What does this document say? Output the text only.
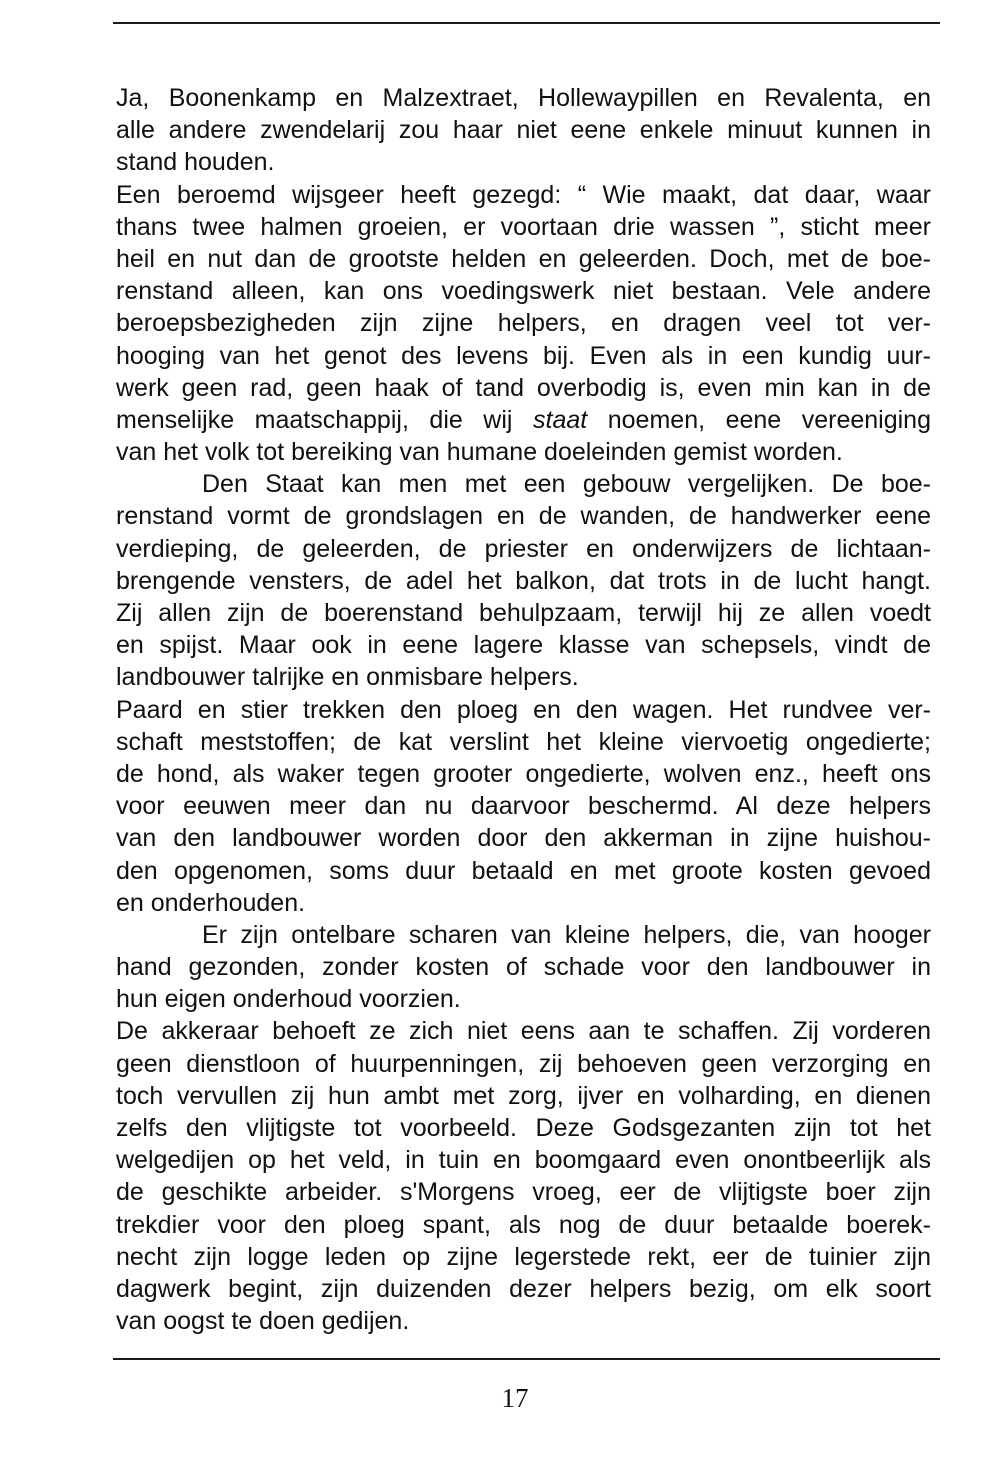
Ja, Boonenkamp en Malzextraet, Hollewaypillen en Revalenta, en
alle andere zwendelarij zou haar niet eene enkele minuut kunnen in
stand houden.
Een beroemd wijsgeer heeft gezegd: “ Wie maakt, dat daar, waar
thans twee halmen groeien, er voortaan drie wassen ”, sticht meer
heil en nut dan de grootste helden en geleerden. Doch, met de boe-
renstand alleen, kan ons voedingswerk niet bestaan. Vele andere
beroepsbezigheden zijn zijne helpers, en dragen veel tot ver-
hooging van het genot des levens bij. Even als in een kundig uur-
werk geen rad, geen haak of tand overbodig is, even min kan in de
menselijke maatschappij, die wij staat noemen, eene vereeniging
van het volk tot bereiking van humane doeleinden gemist worden.
Den Staat kan men met een gebouw vergelijken. De boe-
renstand vormt de grondslagen en de wanden, de handwerker eene
verdieping, de geleerden, de priester en onderwijzers de lichtaan-
brengende vensters, de adel het balkon, dat trots in de lucht hangt.
Zij allen zijn de boerenstand behulpzaam, terwijl hij ze allen voedt
en spijst. Maar ook in eene lagere klasse van schepsels, vindt de
landbouwer talrijke en onmisbare helpers.
Paard en stier trekken den ploeg en den wagen. Het rundvee ver-
schaft meststoffen; de kat verslint het kleine viervoetig ongedierte;
de hond, als waker tegen grooter ongedierte, wolven enz., heeft ons
voor eeuwen meer dan nu daarvoor beschermd. Al deze helpers
van den landbouwer worden door den akkerman in zijne huishou-
den opgenomen, soms duur betaald en met groote kosten gevoed
en onderhouden.
Er zijn ontelbare scharen van kleine helpers, die, van hooger
hand gezonden, zonder kosten of schade voor den landbouwer in
hun eigen onderhoud voorzien.
De akkeraar behoeft ze zich niet eens aan te schaffen. Zij vorderen
geen dienstloon of huurpenningen, zij behoeven geen verzorging en
toch vervullen zij hun ambt met zorg, ijver en volharding, en dienen
zelfs den vlijtigste tot voorbeeld. Deze Godsgezanten zijn tot het
welgedijen op het veld, in tuin en boomgaard even onontbeerlijk als
de geschikte arbeider. s'Morgens vroeg, eer de vlijtigste boer zijn
trekdier voor den ploeg spant, als nog de duur betaalde boerek-
necht zijn logge leden op zijne legerstede rekt, eer de tuinier zijn
dagwerk begint, zijn duizenden dezer helpers bezig, om elk soort
van oogst te doen gedijen.
17
